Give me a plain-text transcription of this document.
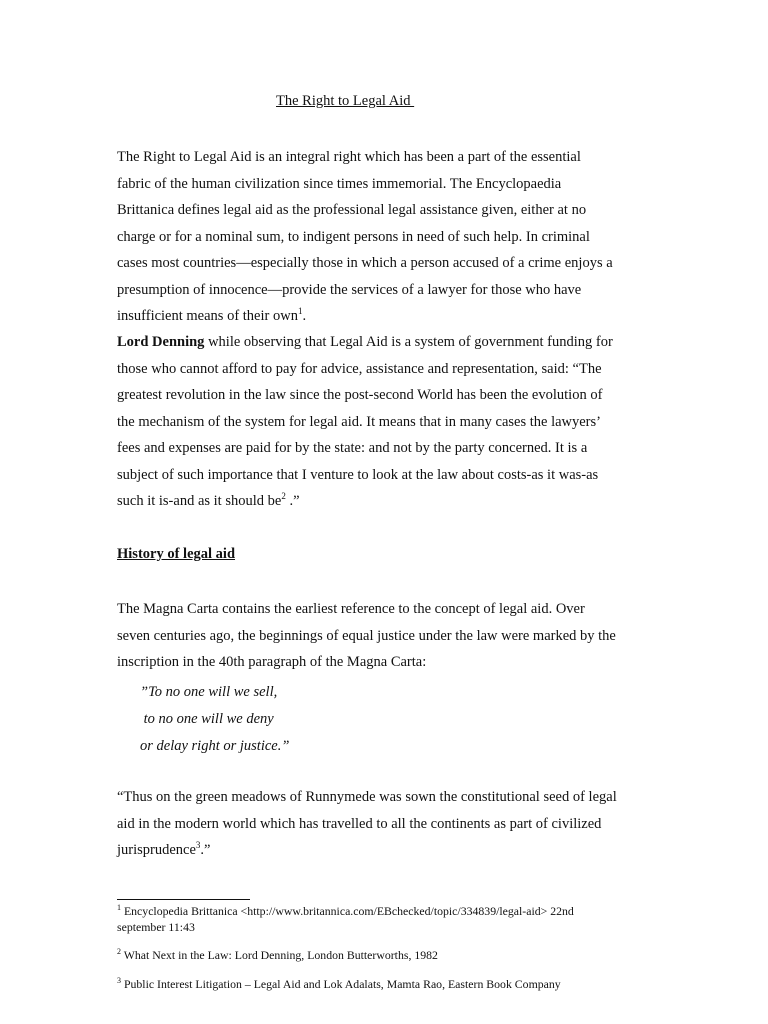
The Right to Legal Aid
The Right to Legal Aid is an integral right which has been a part of the essential
fabric of the human civilization since times immemorial. The Encyclopaedia
Brittanica defines legal aid as the professional legal assistance given, either at no
charge or for a nominal sum, to indigent persons in need of such help. In criminal
cases most countries—especially those in which a person accused of a crime enjoys a
presumption of innocence—provide the services of a lawyer for those who have
insufficient means of their own$^1$.
Lord Denning while observing that Legal Aid is a system of government funding for
those who cannot afford to pay for advice, assistance and representation, said: “The
greatest revolution in the law since the post-second World has been the evolution of
the mechanism of the system for legal aid. It means that in many cases the lawyers’
fees and expenses are paid for by the state: and not by the party concerned. It is a
subject of such importance that I venture to look at the law about costs-as it was-as
such it is-and as it should $be^2$ .”
History of legal aid
The Magna Carta contains the earliest reference to the concept of legal aid. Over
seven centuries ago, the beginnings of equal justice under the law were marked by the
inscription in the 40th paragraph of the Magna Carta:
”To no one will we sell,
to no one will we deny
or delay right or justice.”
“Thus on the green meadows of Runnymede was sown the constitutional seed of legal
aid in the modern world which has travelled to all the continents as part of civilized
jurisprudence$^3$.”
$^1$ Encyclopedia Brittanica <http://www.britannica.com/EBchecked/topic/334839/legal-aid> 22nd
september 11:43
$^2$ What Next in the Law: Lord Denning, London Butterworths, 1982
$^3$ Public Interest Litigation – Legal Aid and Lok Adalats, Mamta Rao, Eastern Book Company
